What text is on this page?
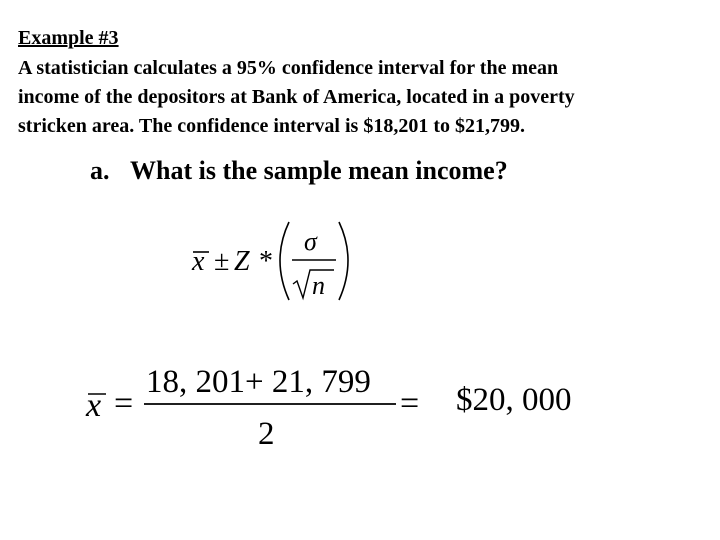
Example #3
A statistician calculates a 95% confidence interval for the mean
income of the depositors at Bank of America, located in a poverty
stricken area. The confidence interval is $18,201 to $21,799.
a. What is the sample mean income?
x ± Z *
σ
n
x =
18, 201+ 21, 799
2
= $20, 000
